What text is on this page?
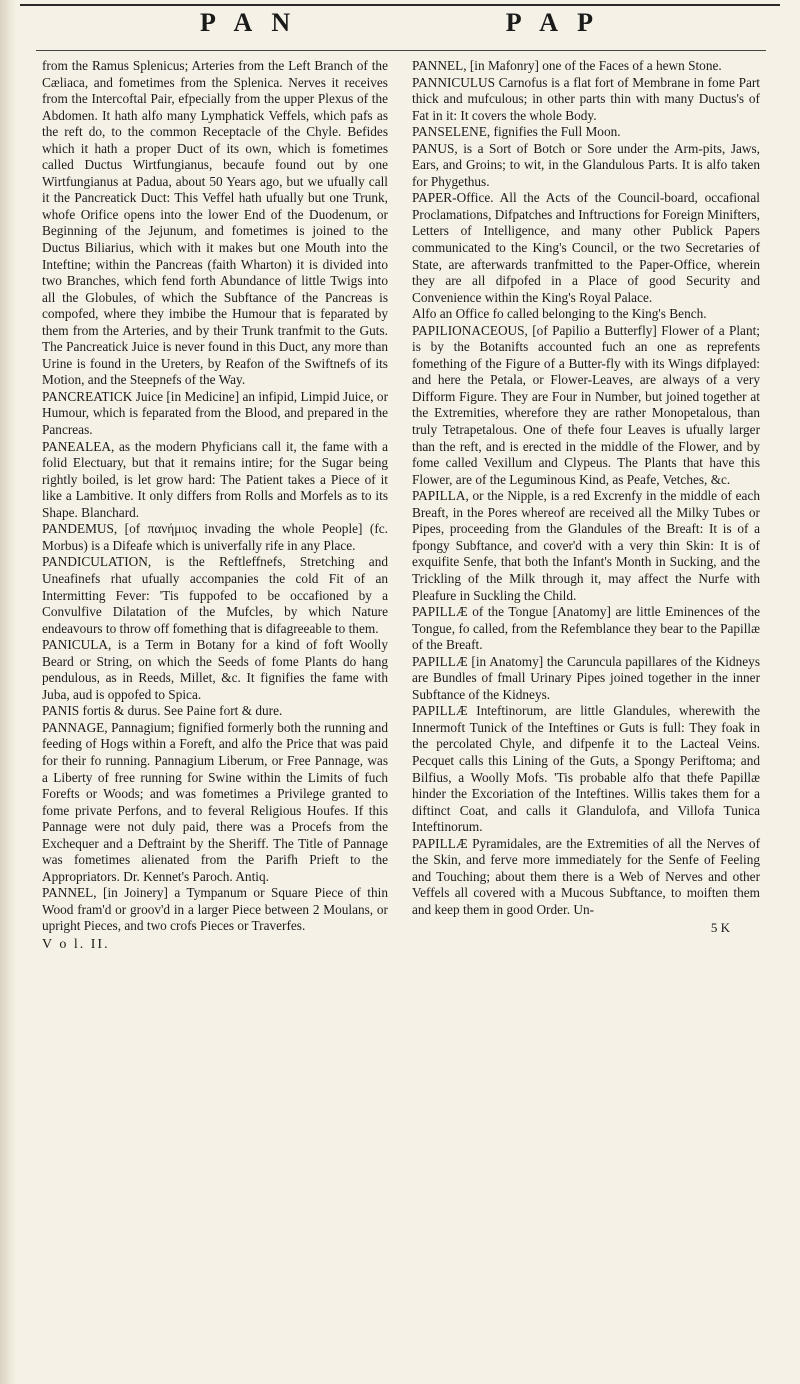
P A N	P A P

from the Ramus Splenicus; Arteries from the Left Branch of the Cæliaca, and fometimes from the Splenica. Nerves it receives from the Intercoftal Pair, efpecially from the upper Plexus of the Abdomen. It hath alfo many Lymphatick Veffels, which pafs as the reft do, to the common Receptacle of the Chyle. Befides which it hath a proper Duct of its own, which is fometimes called Ductus Wirtfungianus, becaufe found out by one Wirtfungianus at Padua, about 50 Years ago, but we ufually call it the Pancreatick Duct: This Veffel hath ufually but one Trunk, whofe Orifice opens into the lower End of the Duodenum, or Beginning of the Jejunum, and fometimes is joined to the Ductus Biliarius, which with it makes but one Mouth into the Inteftine; within the Pancreas (faith Wharton) it is divided into two Branches, which fend forth Abundance of little Twigs into all the Globules, of which the Subftance of the Pancreas is compofed, where they imbibe the Humour that is feparated by them from the Arteries, and by their Trunk tranfmit to the Guts. The Pancreatick Juice is never found in this Duct, any more than Urine is found in the Ureters, by Reafon of the Swiftnefs of its Motion, and the Steepnefs of the Way.

PANCREATICK Juice [in Medicine] an infipid, Limpid Juice, or Humour, which is feparated from the Blood, and prepared in the Pancreas.

PANEALEA, as the modern Phyficians call it, the fame with a folid Electuary, but that it remains intire; for the Sugar being rightly boiled, is let grow hard: The Patient takes a Piece of it like a Lambitive. It only differs from Rolls and Morfels as to its Shape. Blanchard.

PANDEMUS, [of πανήμιος invading the whole People] (fc. Morbus) is a Difeafe which is univerfally rife in any Place.

PANDICULATION, is the Reftleffnefs, Stretching and Uneafinefs rhat ufually accompanies the cold Fit of an Intermitting Fever: 'Tis fuppofed to be occafioned by a Convulfive Dilatation of the Mufcles, by which Nature endeavours to throw off fomething that is difagreeable to them.

PANICULA, is a Term in Botany for a kind of foft Woolly Beard or String, on which the Seeds of fome Plants do hang pendulous, as in Reeds, Millet, &c. It fignifies the fame with Juba, aud is oppofed to Spica.

PANIS fortis & durus. See Paine fort & dure.

PANNAGE, Pannagium; fignified formerly both the running and feeding of Hogs within a Foreft, and alfo the Price that was paid for their fo running. Pannagium Liberum, or Free Pannage, was a Liberty of free running for Swine within the Limits of fuch Forefts or Woods; and was fometimes a Privilege granted to fome private Perfons, and to feveral Religious Houfes. If this Pannage were not duly paid, there was a Procefs from the Exchequer and a Deftraint by the Sheriff. The Title of Pannage was fometimes alienated from the Parifh Prieft to the Appropriators. Dr. Kennet's Paroch. Antiq.

PANNEL, [in Joinery] a Tympanum or Square Piece of thin Wood fram'd or groov'd in a larger Piece between 2 Moulans, or upright Pieces, and two crofs Pieces or Traverfes.

V o l. II.

PANNEL, [in Mafonry] one of the Faces of a hewn Stone.

PANNICULUS Carnofus is a flat fort of Membrane in fome Part thick and mufculous; in other parts thin with many Ductus's of Fat in it: It covers the whole Body.

PANSELENE, fignifies the Full Moon.

PANUS, is a Sort of Botch or Sore under the Arm-pits, Jaws, Ears, and Groins; to wit, in the Glandulous Parts. It is alfo taken for Phygethus.

PAPER-Office. All the Acts of the Council-board, occafional Proclamations, Difpatches and Inftructions for Foreign Minifters, Letters of Intelligence, and many other Publick Papers communicated to the King's Council, or the two Secretaries of State, are afterwards tranfmitted to the Paper-Office, wherein they are all difpofed in a Place of good Security and Convenience within the King's Royal Palace.

Alfo an Office fo called belonging to the King's Bench.

PAPILIONACEOUS, [of Papilio a Butterfly] Flower of a Plant; is by the Botanifts accounted fuch an one as reprefents fomething of the Figure of a Butter-fly with its Wings difplayed: and here the Petala, or Flower-Leaves, are always of a very Difform Figure. They are Four in Number, but joined together at the Extremities, wherefore they are rather Monopetalous, than truly Tetrapetalous. One of thefe four Leaves is ufually larger than the reft, and is erected in the middle of the Flower, and by fome called Vexillum and Clypeus. The Plants that have this Flower, are of the Leguminous Kind, as Peafe, Vetches, &c.

PAPILLA, or the Nipple, is a red Excrenfy in the middle of each Breaft, in the Pores whereof are received all the Milky Tubes or Pipes, proceeding from the Glandules of the Breaft: It is of a fpongy Subftance, and cover'd with a very thin Skin: It is of exquifite Senfe, that both the Infant's Month in Sucking, and the Trickling of the Milk through it, may affect the Nurfe with Pleafure in Suckling the Child.

PAPILLÆ of the Tongue [Anatomy] are little Eminences of the Tongue, fo called, from the Refemblance they bear to the Papillæ of the Breaft.

PAPILLÆ [in Anatomy] the Caruncula papillares of the Kidneys are Bundles of fmall Urinary Pipes joined together in the inner Subftance of the Kidneys.

PAPILLÆ Inteftinorum, are little Glandules, wherewith the Innermoft Tunick of the Inteftines or Guts is full: They foak in the percolated Chyle, and difpenfe it to the Lacteal Veins. Pecquet calls this Lining of the Guts, a Spongy Periftoma; and Bilfius, a Woolly Mofs. 'Tis probable alfo that thefe Papillæ hinder the Excoriation of the Inteftines. Willis takes them for a diftinct Coat, and calls it Glandulofa, and Villofa Tunica Inteftinorum.

PAPILLÆ Pyramidales, are the Extremities of all the Nerves of the Skin, and ferve more immediately for the Senfe of Feeling and Touching; about them there is a Web of Nerves and other Veffels all covered with a Mucous Subftance, to moiften them and keep them in good Order. Un-

5 K
